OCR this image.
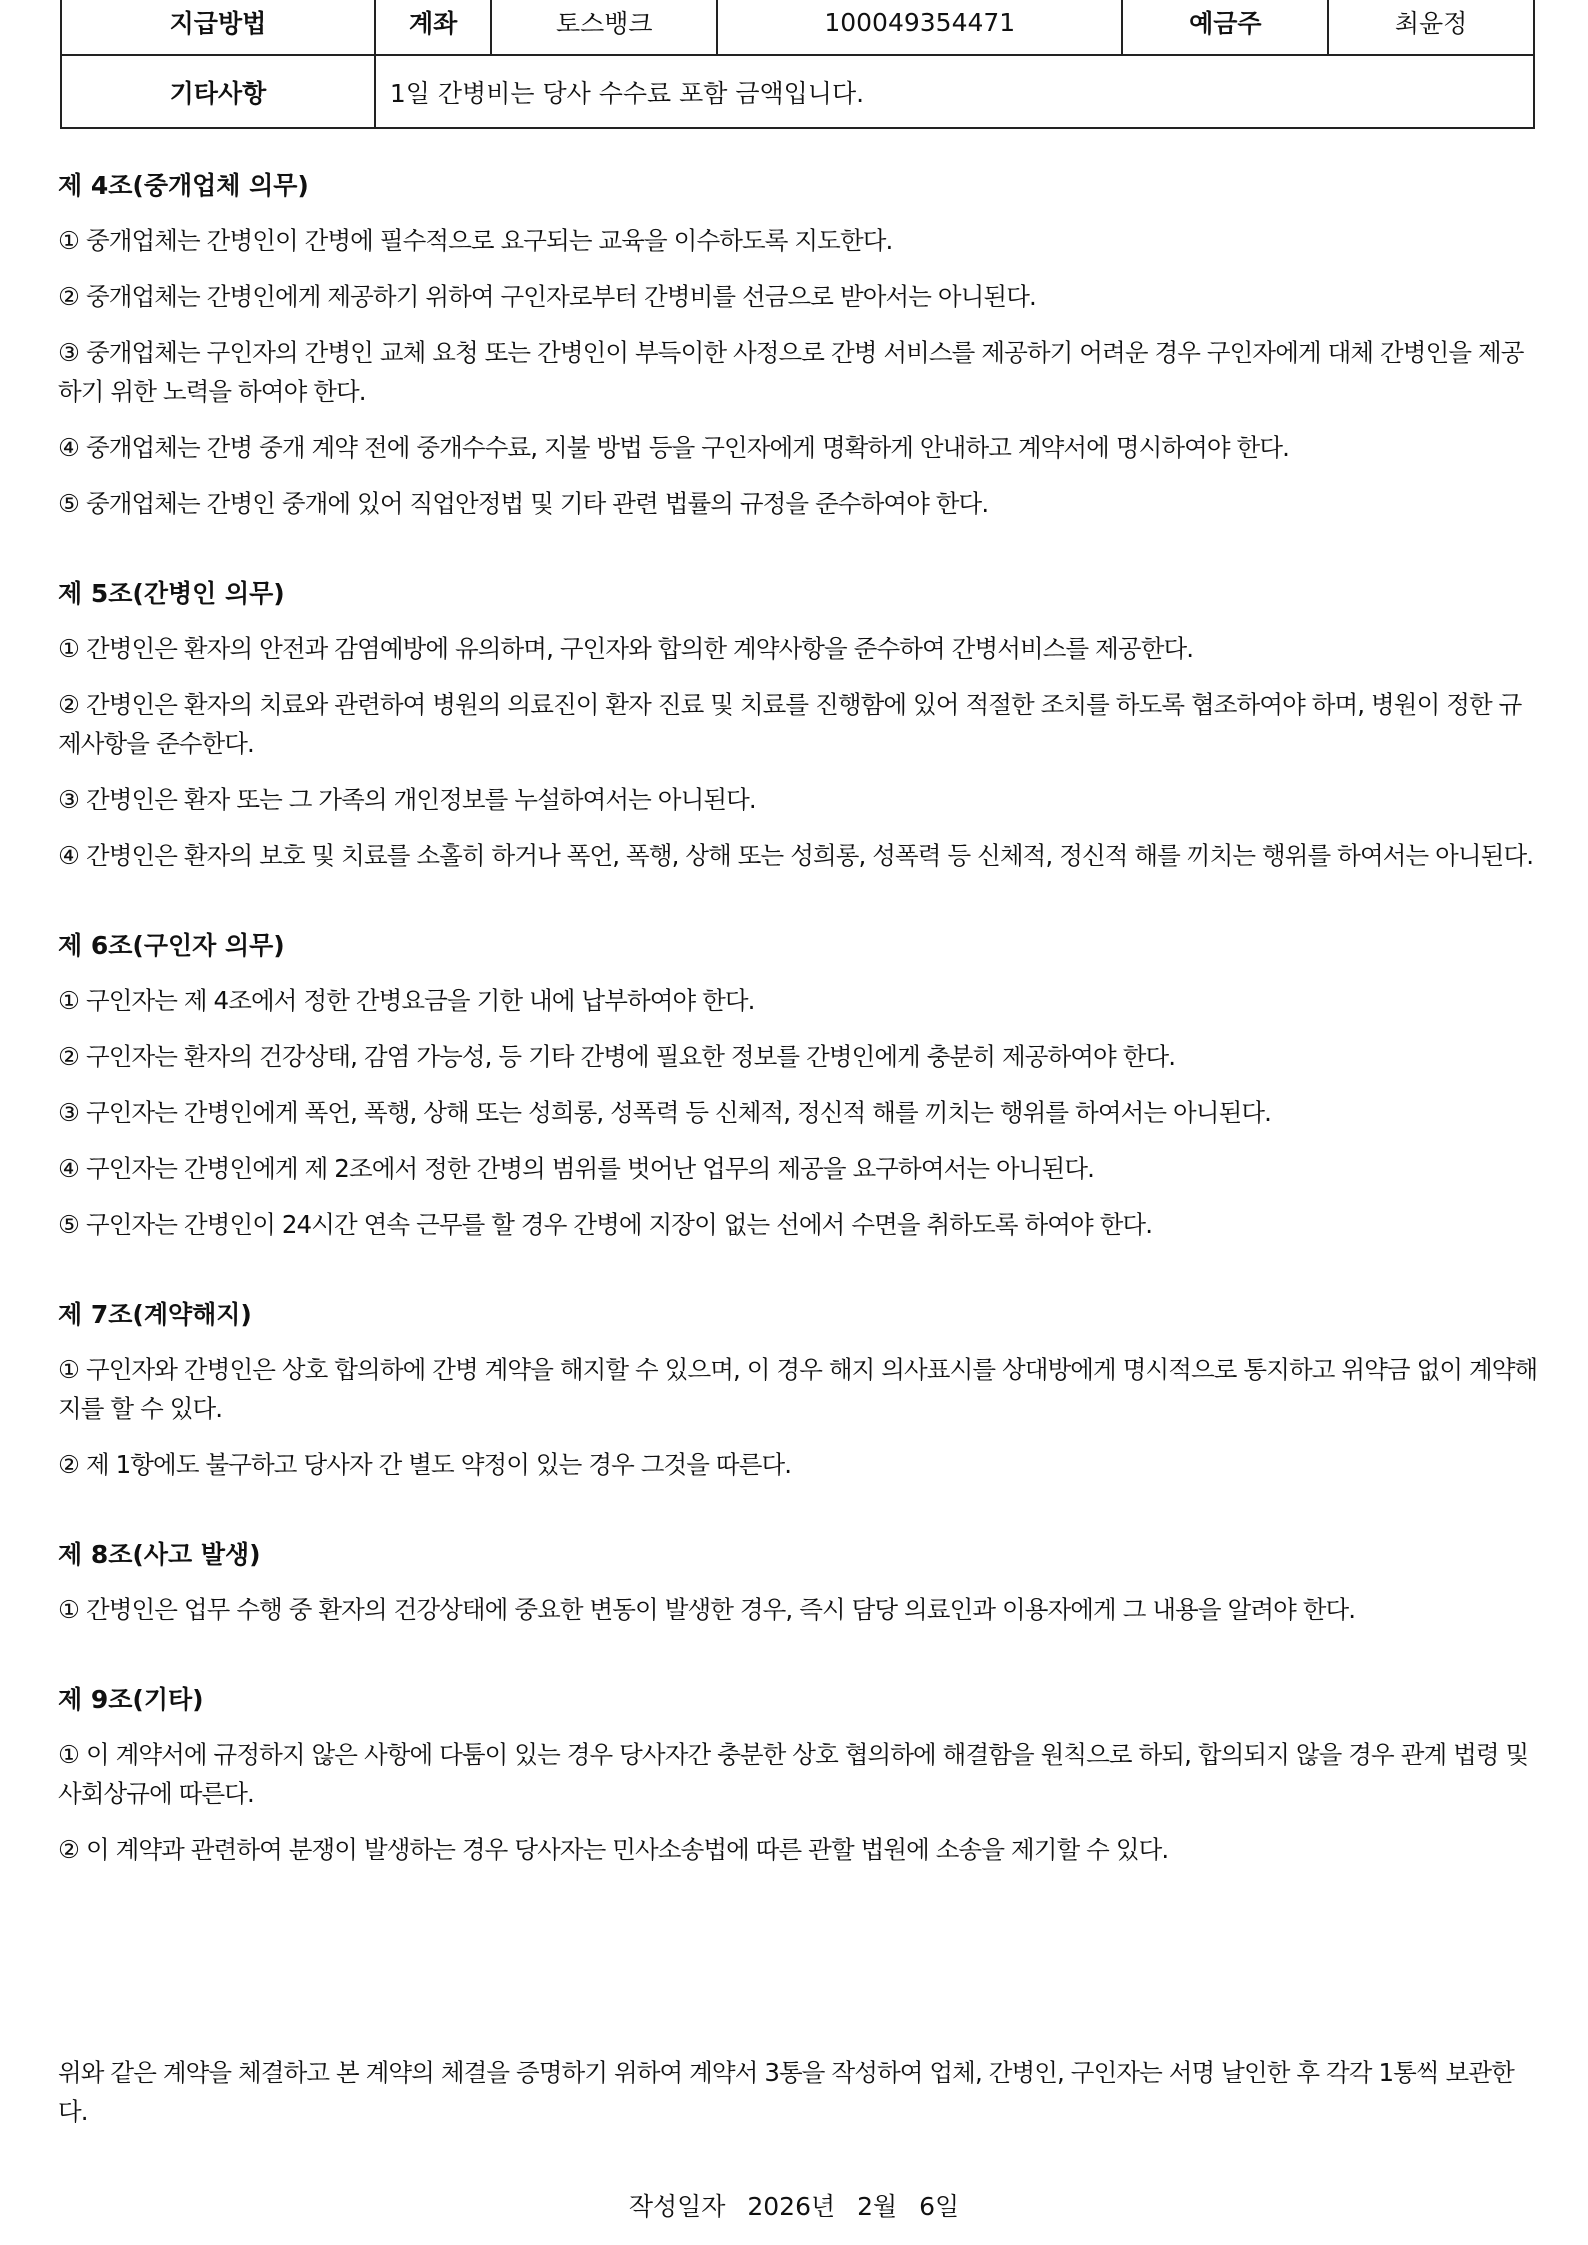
지급방법	계좌	토스뱅크	100049354471	예금주	최윤정
기타사항	1일 간병비는 당사 수수료 포함 금액입니다.				
제 4조(중개업체 의무)

① 중개업체는 간병인이 간병에 필수적으로 요구되는 교육을 이수하도록 지도한다.

② 중개업체는 간병인에게 제공하기 위하여 구인자로부터 간병비를 선금으로 받아서는 아니된다.

③ 중개업체는 구인자의 간병인 교체 요청 또는 간병인이 부득이한 사정으로 간병 서비스를 제공하기 어려운 경우 구인자에게 대체 간병인을 제공하기 위한 노력을 하여야 한다.

④ 중개업체는 간병 중개 계약 전에 중개수수료, 지불 방법 등을 구인자에게 명확하게 안내하고 계약서에 명시하여야 한다.

⑤ 중개업체는 간병인 중개에 있어 직업안정법 및 기타 관련 법률의 규정을 준수하여야 한다.

제 5조(간병인 의무)

① 간병인은 환자의 안전과 감염예방에 유의하며, 구인자와 합의한 계약사항을 준수하여 간병서비스를 제공한다.

② 간병인은 환자의 치료와 관련하여 병원의 의료진이 환자 진료 및 치료를 진행함에 있어 적절한 조치를 하도록 협조하여야 하며, 병원이 정한 규제사항을 준수한다.

③ 간병인은 환자 또는 그 가족의 개인정보를 누설하여서는 아니된다.

④ 간병인은 환자의 보호 및 치료를 소홀히 하거나 폭언, 폭행, 상해 또는 성희롱, 성폭력 등 신체적, 정신적 해를 끼치는 행위를 하여서는 아니된다.

제 6조(구인자 의무)

① 구인자는 제 4조에서 정한 간병요금을 기한 내에 납부하여야 한다.

② 구인자는 환자의 건강상태, 감염 가능성, 등 기타 간병에 필요한 정보를 간병인에게 충분히 제공하여야 한다.

③ 구인자는 간병인에게 폭언, 폭행, 상해 또는 성희롱, 성폭력 등 신체적, 정신적 해를 끼치는 행위를 하여서는 아니된다.

④ 구인자는 간병인에게 제 2조에서 정한 간병의 범위를 벗어난 업무의 제공을 요구하여서는 아니된다.

⑤ 구인자는 간병인이 24시간 연속 근무를 할 경우 간병에 지장이 없는 선에서 수면을 취하도록 하여야 한다.

제 7조(계약해지)

① 구인자와 간병인은 상호 합의하에 간병 계약을 해지할 수 있으며, 이 경우 해지 의사표시를 상대방에게 명시적으로 통지하고 위약금 없이 계약해지를 할 수 있다.

② 제 1항에도 불구하고 당사자 간 별도 약정이 있는 경우 그것을 따른다.

제 8조(사고 발생)

① 간병인은 업무 수행 중 환자의 건강상태에 중요한 변동이 발생한 경우, 즉시 담당 의료인과 이용자에게 그 내용을 알려야 한다.

제 9조(기타)

① 이 계약서에 규정하지 않은 사항에 다툼이 있는 경우 당사자간 충분한 상호 협의하에 해결함을 원칙으로 하되, 합의되지 않을 경우 관계 법령 및 사회상규에 따른다.

② 이 계약과 관련하여 분쟁이 발생하는 경우 당사자는 민사소송법에 따른 관할 법원에 소송을 제기할 수 있다.

위와 같은 계약을 체결하고 본 계약의 체결을 증명하기 위하여 계약서 3통을 작성하여 업체, 간병인, 구인자는 서명 날인한 후 각각 1통씩 보관한다.

작성일자 2026년 2월 6일
